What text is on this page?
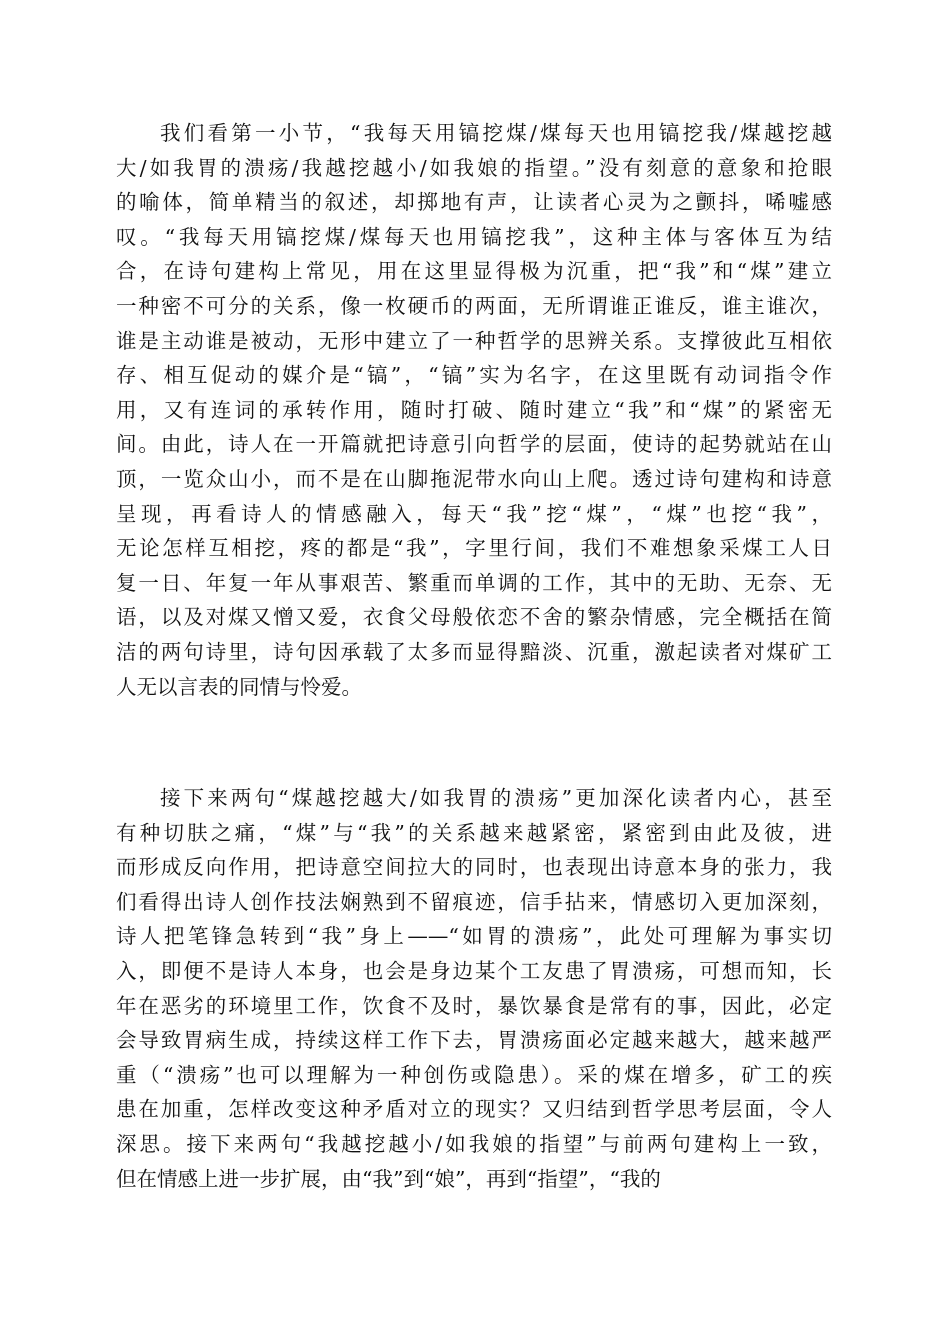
我们看第一小节，“我每天用镐挖煤/煤每天也用镐挖我/煤越挖越
大/如我胃的溃疡/我越挖越小/如我娘的指望。”没有刻意的意象和抢眼
的喻体，简单精当的叙述，却掷地有声，让读者心灵为之颤抖，唏嘘感
叹。“我每天用镐挖煤/煤每天也用镐挖我”，这种主体与客体互为结
合，在诗句建构上常见，用在这里显得极为沉重，把“我”和“煤”建立
一种密不可分的关系，像一枚硬币的两面，无所谓谁正谁反，谁主谁次，
谁是主动谁是被动，无形中建立了一种哲学的思辨关系。支撑彼此互相依
存、相互促动的媒介是“镐”，“镐”实为名字，在这里既有动词指令作
用，又有连词的承转作用，随时打破、随时建立“我”和“煤”的紧密无
间。由此，诗人在一开篇就把诗意引向哲学的层面，使诗的起势就站在山
顶，一览众山小，而不是在山脚拖泥带水向山上爬。透过诗句建构和诗意
呈现，再看诗人的情感融入，每天“我”挖“煤”，“煤”也挖“我”，
无论怎样互相挖，疼的都是“我”，字里行间，我们不难想象采煤工人日
复一日、年复一年从事艰苦、繁重而单调的工作，其中的无助、无奈、无
语，以及对煤又憎又爱，衣食父母般依恋不舍的繁杂情感，完全概括在简
洁的两句诗里，诗句因承载了太多而显得黯淡、沉重，激起读者对煤矿工
人无以言表的同情与怜爱。
接下来两句“煤越挖越大/如我胃的溃疡”更加深化读者内心，甚至
有种切肤之痛，“煤”与“我”的关系越来越紧密，紧密到由此及彼，进
而形成反向作用，把诗意空间拉大的同时，也表现出诗意本身的张力，我
们看得出诗人创作技法娴熟到不留痕迹，信手拈来，情感切入更加深刻，
诗人把笔锋急转到“我”身上——“如胃的溃疡”，此处可理解为事实切
入，即便不是诗人本身，也会是身边某个工友患了胃溃疡，可想而知，长
年在恶劣的环境里工作，饮食不及时，暴饮暴食是常有的事，因此，必定
会导致胃病生成，持续这样工作下去，胃溃疡面必定越来越大，越来越严
重（“溃疡”也可以理解为一种创伤或隐患）。采的煤在增多，矿工的疾
患在加重，怎样改变这种矛盾对立的现实？又归结到哲学思考层面，令人
深思。接下来两句“我越挖越小/如我娘的指望”与前两句建构上一致，
但在情感上进一步扩展，由“我”到“娘”，再到“指望”，“我的
